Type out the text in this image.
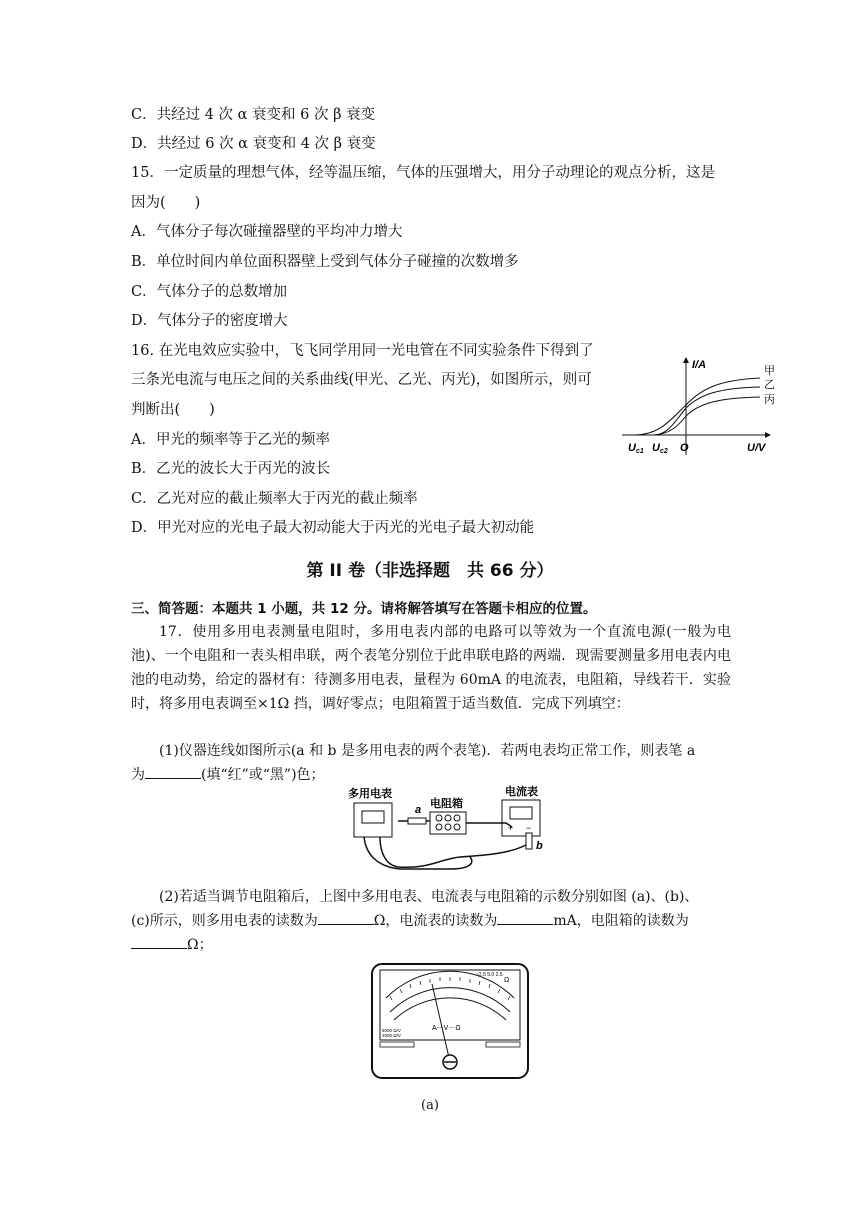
C．共经过 4 次 α 衰变和 6 次 β 衰变
D．共经过 6 次 α 衰变和 4 次 β 衰变
15．一定质量的理想气体，经等温压缩，气体的压强增大，用分子动理论的观点分析，这是
因为(　　)
A．气体分子每次碰撞器壁的平均冲力增大
B．单位时间内单位面积器壁上受到气体分子碰撞的次数增多
C．气体分子的总数增加
D．气体分子的密度增大
16. 在光电效应实验中，飞飞同学用同一光电管在不同实验条件下得到了
三条光电流与电压之间的关系曲线(甲光、乙光、丙光)，如图所示，则可
判断出(　　)
A．甲光的频率等于乙光的频率
B．乙光的波长大于丙光的波长
C．乙光对应的截止频率大于丙光的截止频率
D．甲光对应的光电子最大初动能大于丙光的光电子最大初动能
I/A
U/V
O
Uc1 Uc2
甲
乙
丙
第 II 卷（非选择题　共 66 分）
三、简答题：本题共 1 小题，共 12 分。请将解答填写在答题卡相应的位置。
17．使用多用电表测量电阻时，多用电表内部的电路可以等效为一个直流电源(一般为电池)、一个电阻和一表头相串联，两个表笔分别位于此串联电路的两端．现需要测量多用电表内电池的电动势，给定的器材有：待测多用电表，量程为 60mA 的电流表，电阻箱，导线若干．实验时，将多用电表调至×1Ω 挡，调好零点；电阻箱置于适当数值．完成下列填空：
(1)仪器连线如图所示(a 和 b 是多用电表的两个表笔)．若两电表均正常工作，则表笔 a
为	(填“红”或“黑”)色；
多用电表
电阻箱
电流表
+ −
a
b
(2)若适当调节电阻箱后，上图中多用电表、电流表与电阻箱的示数分别如图 (a)、(b)、
(c)所示，则多用电表的读数为	Ω，电流表的读数为	mA，电阻箱的读数为
Ω；
Ω
~2.5 5.0 2.5
A－V－Ω
5000 Ω/V
2500 Ω/V
(a)
